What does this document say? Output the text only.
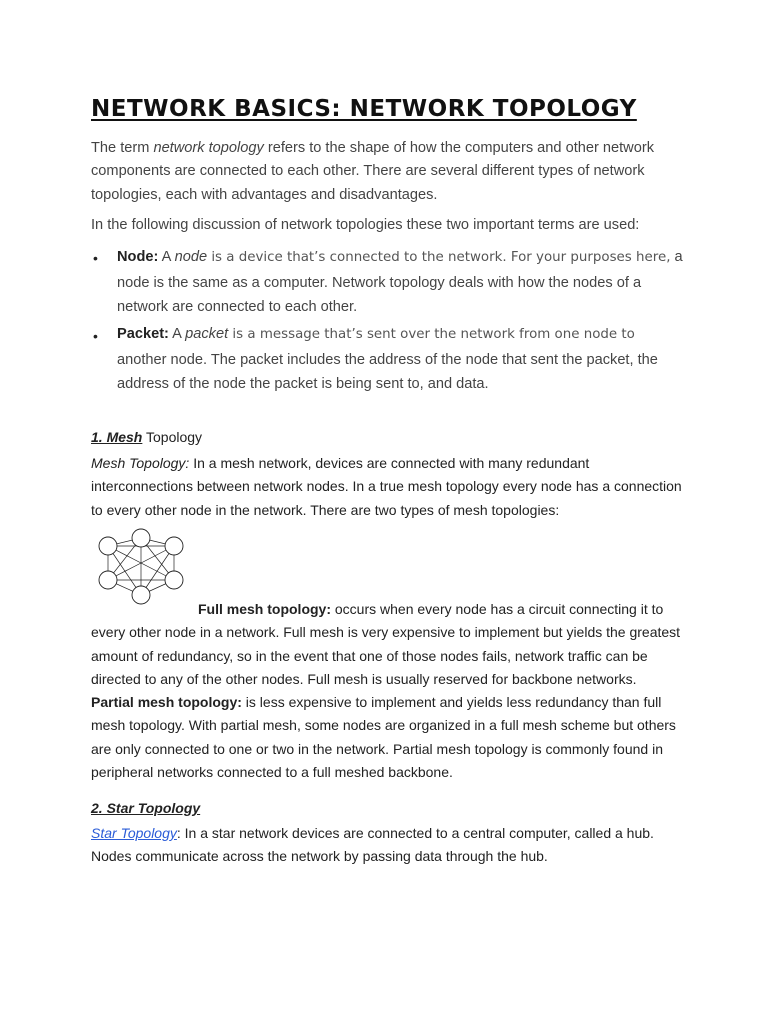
NETWORK BASICS: NETWORK TOPOLOGY

The term network topology refers to the shape of how the computers and other network components are connected to each other. There are several different types of network topologies, each with advantages and disadvantages.

In the following discussion of network topologies these two important terms are used:

• Node: A node is a device that’s connected to the network. For your purposes here, a node is the same as a computer. Network topology deals with how the nodes of a network are connected to each other.

• Packet: A packet is a message that’s sent over the network from one node to another node. The packet includes the address of the node that sent the packet, the address of the node the packet is being sent to, and data.

1. Mesh Topology

Mesh Topology: In a mesh network, devices are connected with many redundant interconnections between network nodes. In a true mesh topology every node has a connection to every other node in the network. There are two types of mesh topologies:

Full mesh topology: occurs when every node has a circuit connecting it to every other node in a network. Full mesh is very expensive to implement but yields the greatest amount of redundancy, so in the event that one of those nodes fails, network traffic can be directed to any of the other nodes. Full mesh is usually reserved for backbone networks.

Partial mesh topology: is less expensive to implement and yields less redundancy than full mesh topology. With partial mesh, some nodes are organized in a full mesh scheme but others are only connected to one or two in the network. Partial mesh topology is commonly found in peripheral networks connected to a full meshed backbone.

2. Star Topology

Star Topology: In a star network devices are connected to a central computer, called a hub. Nodes communicate across the network by passing data through the hub.
